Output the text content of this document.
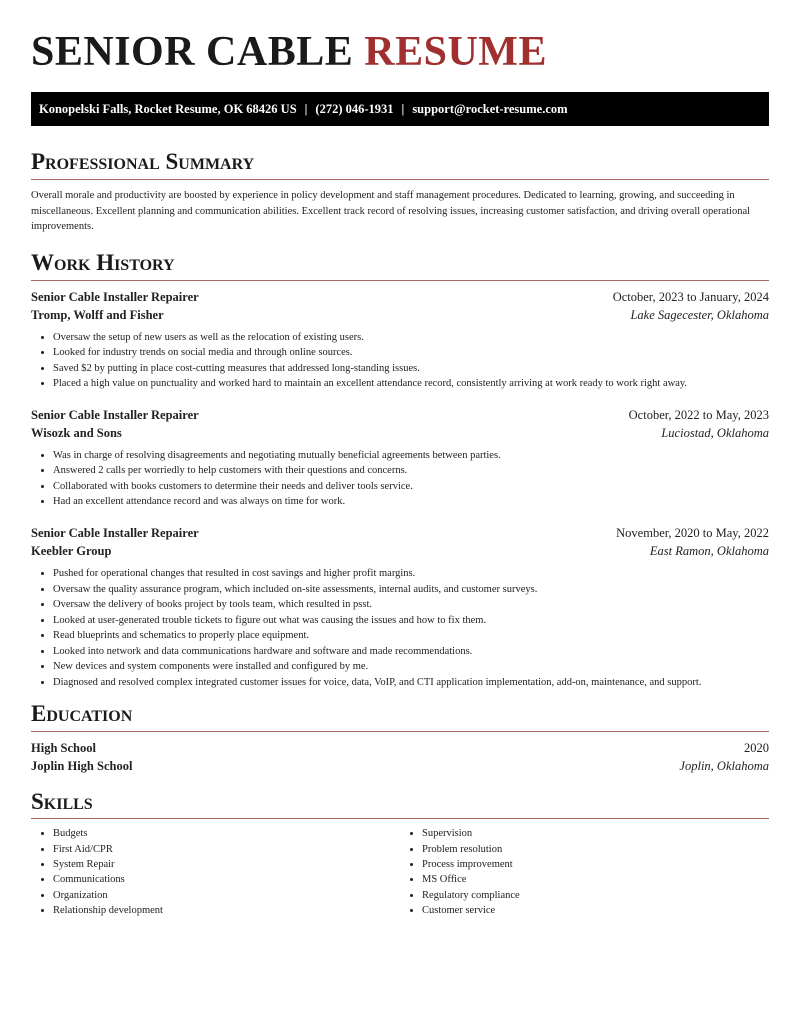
SENIOR CABLE RESUME
Konopelski Falls, Rocket Resume, OK 68426 US | (272) 046-1931 | support@rocket-resume.com
Professional Summary

Overall morale and productivity are boosted by experience in policy development and staff management procedures. Dedicated to learning, growing, and succeeding in miscellaneous. Excellent planning and communication abilities. Excellent track record of resolving issues, increasing customer satisfaction, and driving overall operational improvements.

Work History
Senior Cable Installer Repairer	October, 2023 to January, 2024
Tromp, Wolff and Fisher	Lake Sagecester, Oklahoma
• Oversaw the setup of new users as well as the relocation of existing users.
• Looked for industry trends on social media and through online sources.
• Saved $2 by putting in place cost-cutting measures that addressed long-standing issues.
• Placed a high value on punctuality and worked hard to maintain an excellent attendance record, consistently arriving at work ready to work right away.
Senior Cable Installer Repairer	October, 2022 to May, 2023
Wisozk and Sons	Luciostad, Oklahoma
• Was in charge of resolving disagreements and negotiating mutually beneficial agreements between parties.
• Answered 2 calls per worriedly to help customers with their questions and concerns.
• Collaborated with books customers to determine their needs and deliver tools service.
• Had an excellent attendance record and was always on time for work.
Senior Cable Installer Repairer	November, 2020 to May, 2022
Keebler Group	East Ramon, Oklahoma
• Pushed for operational changes that resulted in cost savings and higher profit margins.
• Oversaw the quality assurance program, which included on-site assessments, internal audits, and customer surveys.
• Oversaw the delivery of books project by tools team, which resulted in psst.
• Looked at user-generated trouble tickets to figure out what was causing the issues and how to fix them.
• Read blueprints and schematics to properly place equipment.
• Looked into network and data communications hardware and software and made recommendations.
• New devices and system components were installed and configured by me.
• Diagnosed and resolved complex integrated customer issues for voice, data, VoIP, and CTI application implementation, add-on, maintenance, and support.
Education
High School	2020
Joplin High School	Joplin, Oklahoma
Skills
• Budgets
• First Aid/CPR
• System Repair
• Communications
• Organization
• Relationship development
• Supervision
• Problem resolution
• Process improvement
• MS Office
• Regulatory compliance
• Customer service
